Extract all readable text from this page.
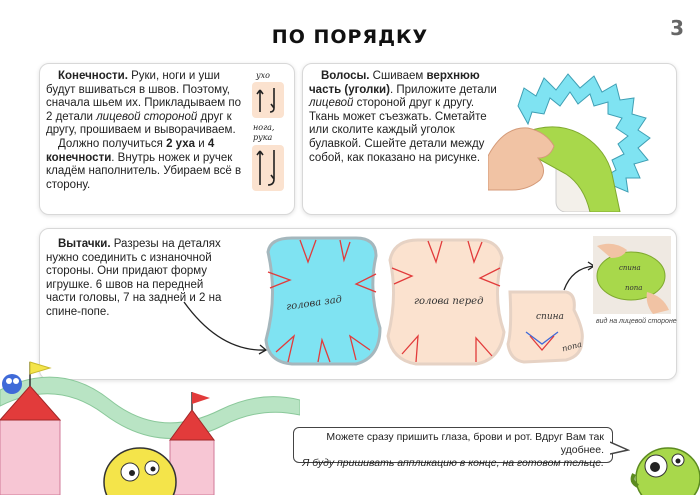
ПО ПОРЯДКУ	3
Конечности. Руки, ноги и уши будут вшиваться в швов. Поэтому, сначала шьем их. Прикладываем по 2 детали лицевой стороной друг к другу, прошиваем и выворачиваем.
Должно получиться 2 уха и 4 конечности. Внутрь ножек и ручек кладём наполнитель. Убираем всё в сторону.
ухо
нога, рука
Волосы. Сшиваем верхнюю часть (уголки). Приложите детали лицевой стороной друг к другу. Ткань может съезжать. Сметайте или сколите каждый уголок булавкой. Сшейте детали между собой, как показано на рисунке.
Вытачки. Разрезы на деталях нужно соединить с изнаночной стороны. Они придают форму игрушке. 6 швов на передней части головы, 7 на задней и 2 на спине-попе.	голова зад	голова перед
спина
попа
спина
попа
вид на лицевой стороне
Можете сразу пришить глаза, брови и рот. Вдруг Вам так удобнее.
Я буду пришивать аппликацию в конце, на готовом тельце.
